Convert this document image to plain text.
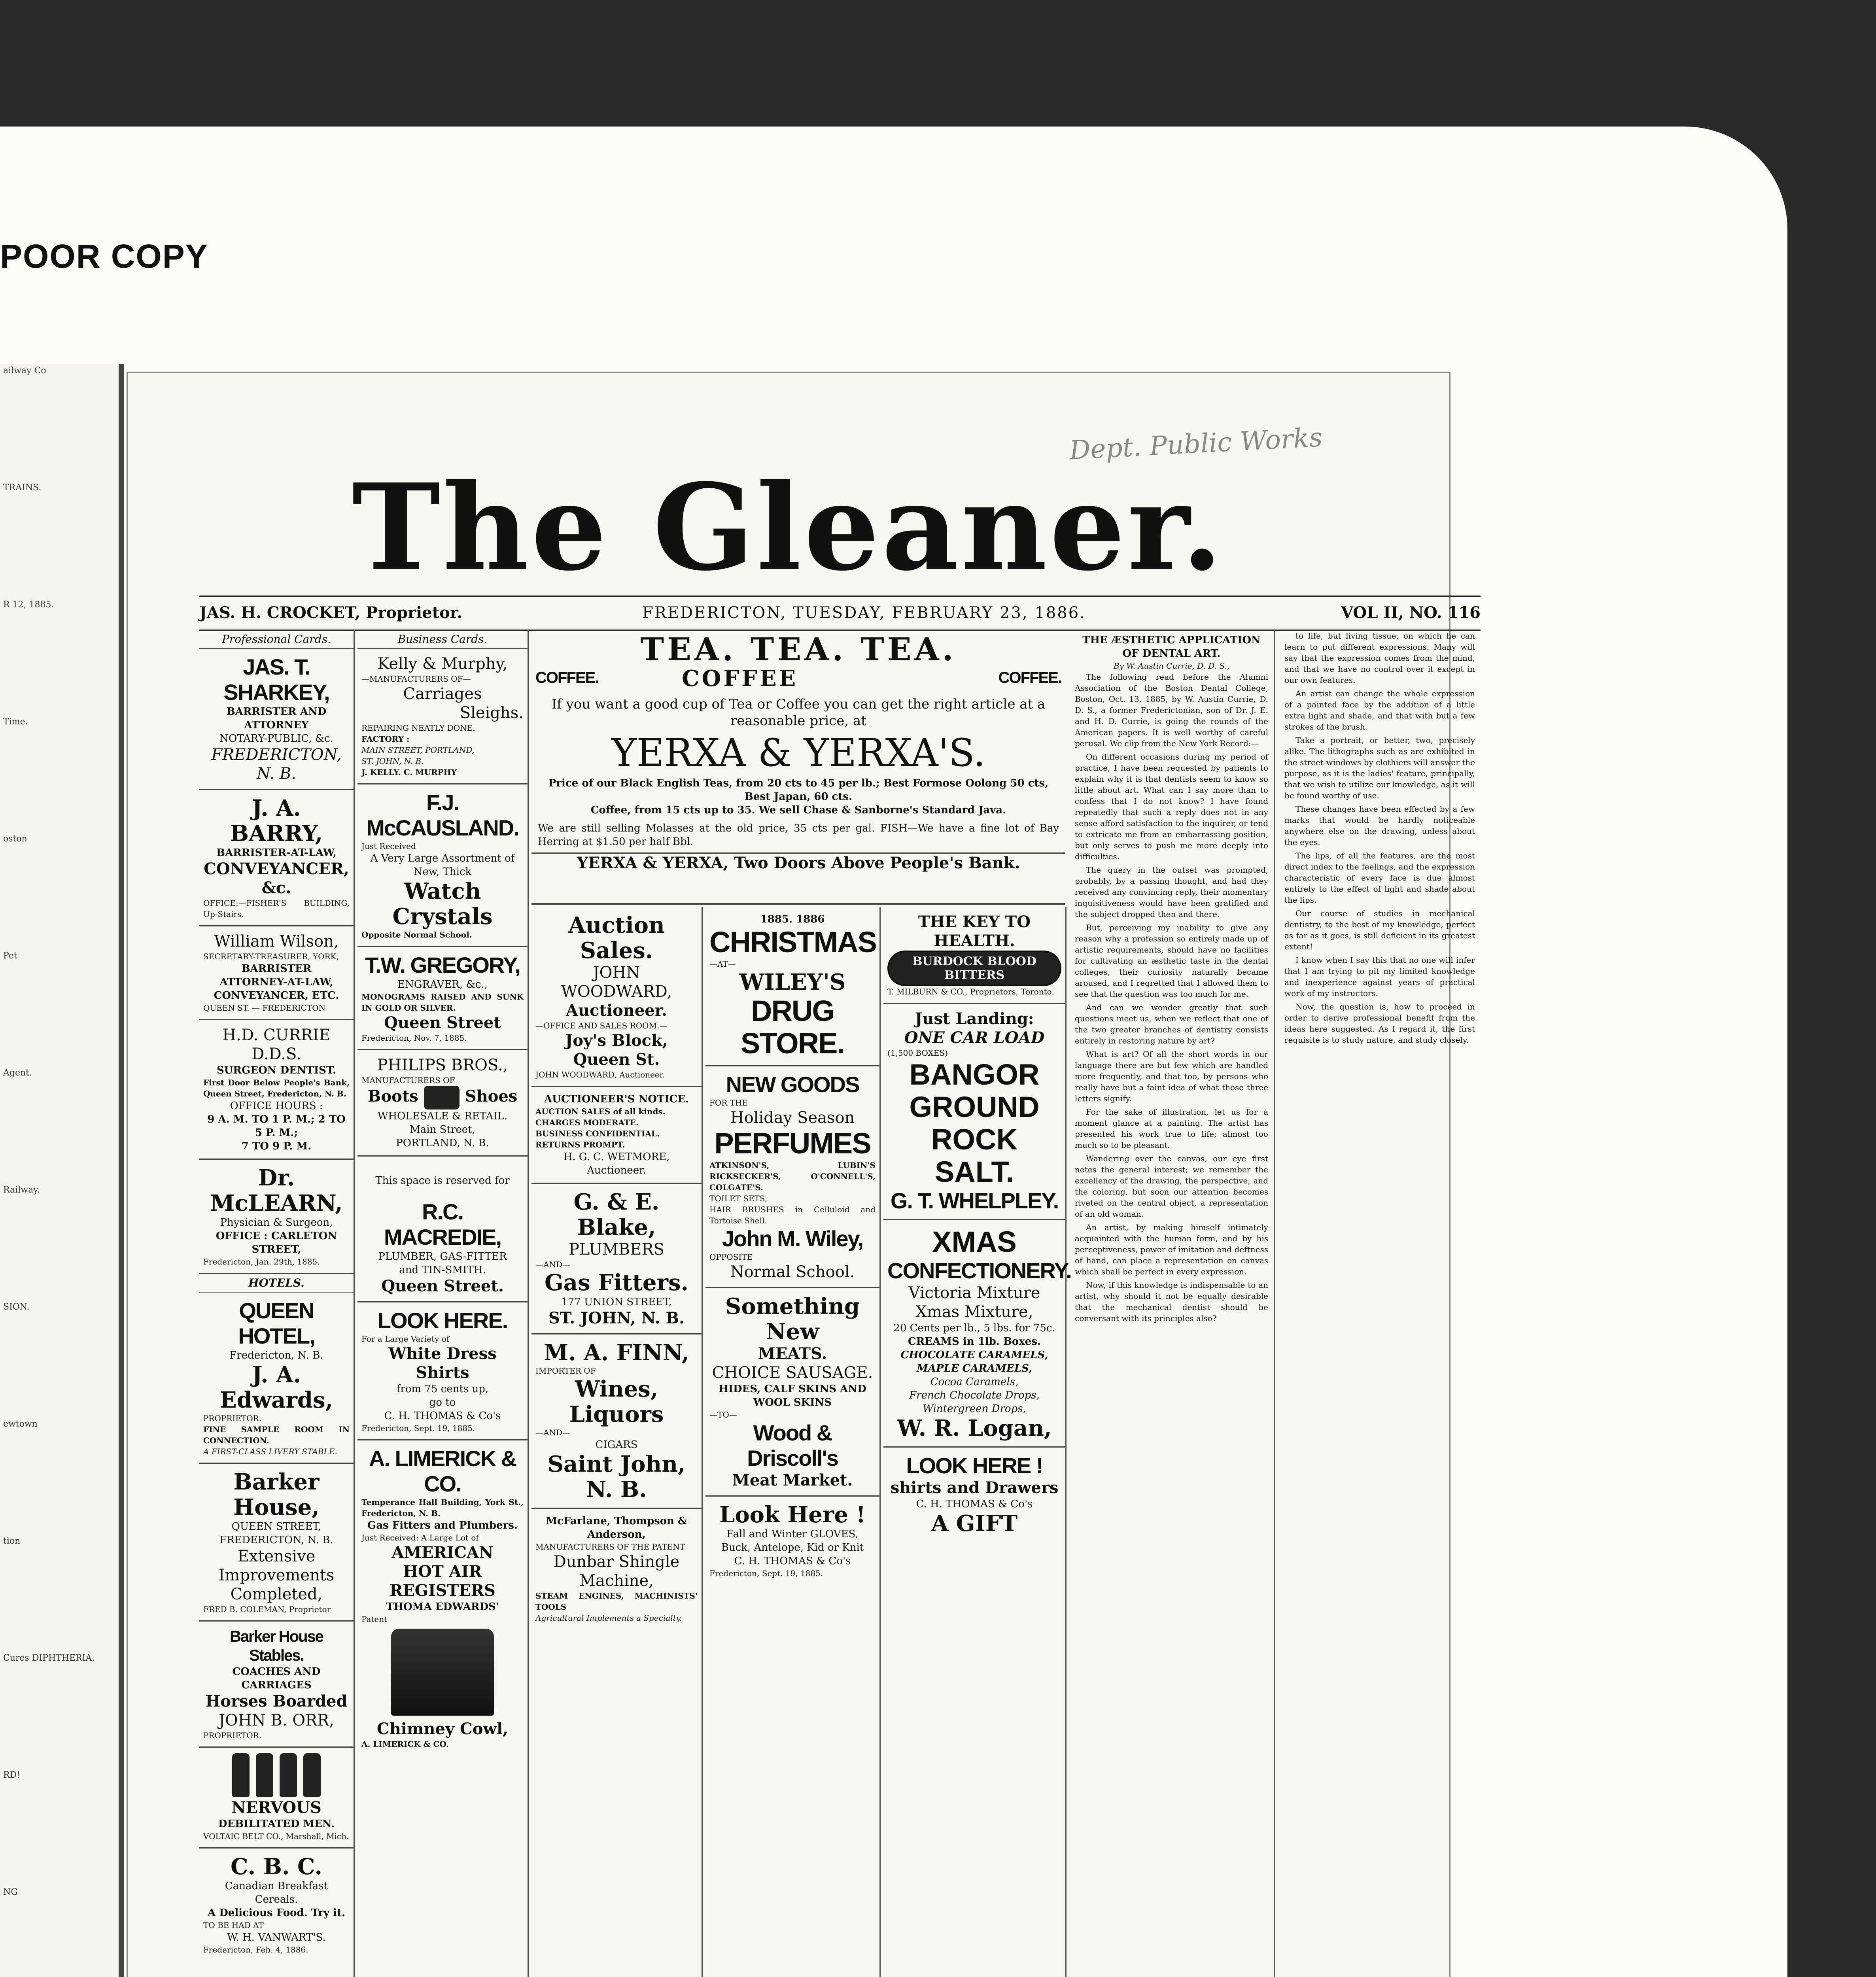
POOR COPY
ailway Co
TRAINS.
R 12, 1885.
Time.
oston
Pet
Agent.
Railway.
SION.
ewtown
tion
Cures DIPHTHERIA.
RD!
NG
Dept. Public Works
The Gleaner.
JAS. H. CROCKET, Proprietor.	FREDERICTON, TUESDAY, FEBRUARY 23, 1886.	VOL II, NO. 116
Professional Cards.
JAS. T. SHARKEY,
BARRISTER AND ATTORNEY
NOTARY-PUBLIC, &c.
FREDERICTON, N. B.
J. A. BARRY,
BARRISTER-AT-LAW,
CONVEYANCER, &c.
OFFICE:—FISHER'S BUILDING, Up-Stairs.
William Wilson,
SECRETARY-TREASURER, YORK,
BARRISTER
ATTORNEY-AT-LAW,
CONVEYANCER, ETC.
QUEEN ST. — FREDERICTON
H.D. CURRIE D.D.S.
SURGEON DENTIST.
First Door Below People's Bank, Queen Street, Fredericton, N. B.
OFFICE HOURS :
9 A. M. TO 1 P. M.; 2 TO 5 P. M.;
7 TO 9 P. M.
Dr. McLEARN,
Physician & Surgeon,
OFFICE : CARLETON STREET,
Fredericton, Jan. 29th, 1885.
HOTELS.
QUEEN HOTEL,
Fredericton, N. B.
J. A. Edwards,
PROPRIETOR.
FINE SAMPLE ROOM IN CONNECTION.
A FIRST-CLASS LIVERY STABLE.
Barker House,
QUEEN STREET,
FREDERICTON, N. B.
Extensive Improvements
Completed,
FRED B. COLEMAN, Proprietor
Barker House Stables.
COACHES AND CARRIAGES
Horses Boarded
JOHN B. ORR,
PROPRIETOR.
NERVOUS
DEBILITATED MEN.
VOLTAIC BELT CO., Marshall, Mich.
C. B. C.
Canadian Breakfast Cereals.
A Delicious Food. Try it.
TO BE HAD AT
W. H. VANWART'S.
Fredericton, Feb. 4, 1886.
Business Cards.
Kelly & Murphy,
—MANUFACTURERS OF—
Carriages
Sleighs.
REPAIRING NEATLY DONE.
FACTORY :
MAIN STREET, PORTLAND,
ST. JOHN, N. B.
J. KELLY. C. MURPHY
F.J. McCAUSLAND.
Just Received
A Very Large Assortment of
New, Thick
Watch Crystals
Opposite Normal School.
T.W. GREGORY,
ENGRAVER, &c.,
MONOGRAMS RAISED AND SUNK IN GOLD OR SILVER.
Queen Street
Fredericton, Nov. 7, 1885.
PHILIPS BROS.,
MANUFACTURERS OF
Boots	Shoes
WHOLESALE & RETAIL.
Main Street,
PORTLAND, N. B.
This space is reserved for
R.C. MACREDIE,
PLUMBER, GAS-FITTER
and TIN-SMITH.
Queen Street.
LOOK HERE.
For a Large Variety of
White Dress Shirts
from 75 cents up,
go to
C. H. THOMAS & Co's
Fredericton, Sept. 19, 1885.
A. LIMERICK & CO.
Temperance Hall Building, York St., Fredericton, N. B.
Gas Fitters and Plumbers.
Just Received: A Large Lot of
AMERICAN
HOT AIR REGISTERS
THOMA EDWARDS'
Patent
Chimney Cowl,
A. LIMERICK & CO.
TEA. TEA. TEA.
COFFEE.	COFFEE	COFFEE.
If you want a good cup of Tea or Coffee you can get the right article at a reasonable price, at
YERXA & YERXA'S.
Price of our Black English Teas, from 20 cts to 45 per lb.; Best Formose Oolong 50 cts, Best Japan, 60 cts.
Coffee, from 15 cts up to 35. We sell Chase & Sanborne's Standard Java.
We are still selling Molasses at the old price, 35 cts per gal. FISH—We have a fine lot of Bay Herring at $1.50 per half Bbl.
YERXA & YERXA, Two Doors Above People's Bank.
Auction Sales.
JOHN WOODWARD,
Auctioneer.
—OFFICE AND SALES ROOM.—
Joy's Block, Queen St.
JOHN WOODWARD, Auctioneer.
AUCTIONEER'S NOTICE.
AUCTION SALES of all kinds.
CHARGES MODERATE.
BUSINESS CONFIDENTIAL.
RETURNS PROMPT.
H. G. C. WETMORE, Auctioneer.
G. & E. Blake,
PLUMBERS
—AND—
Gas Fitters.
177 UNION STREET,
ST. JOHN, N. B.
M. A. FINN,
IMPORTER OF
Wines, Liquors
—AND—
CIGARS
Saint John, N. B.
McFarlane, Thompson & Anderson,
MANUFACTURERS OF THE PATENT
Dunbar Shingle Machine,
STEAM ENGINES, MACHINISTS' TOOLS
Agricultural Implements a Specialty.
1885. 1886
CHRISTMAS
—AT—
WILEY'S
DRUG STORE.
NEW GOODS
FOR THE
Holiday Season
PERFUMES
ATKINSON'S, LUBIN'S RICKSECKER'S, O'CONNELL'S, COLGATE'S.
TOILET SETS,
HAIR BRUSHES in Celluloid and Tortoise Shell.
John M. Wiley,
OPPOSITE
Normal School.
Something New
MEATS.
CHOICE SAUSAGE.
HIDES, CALF SKINS AND WOOL SKINS
—TO—
Wood & Driscoll's
Meat Market.
Look Here !
Fall and Winter GLOVES,
Buck, Antelope, Kid or Knit
C. H. THOMAS & Co's
Fredericton, Sept. 19, 1885.
THE KEY TO HEALTH.
BURDOCK BLOOD BITTERS
T. MILBURN & CO., Proprietors, Toronto.
Just Landing:
ONE CAR LOAD
(1,500 BOXES)
BANGOR
GROUND
ROCK
SALT.
G. T. WHELPLEY.
XMAS
CONFECTIONERY.
Victoria Mixture
Xmas Mixture,
20 Cents per lb., 5 lbs. for 75c.
CREAMS in 1lb. Boxes.
CHOCOLATE CARAMELS,
MAPLE CARAMELS,
Cocoa Caramels,
French Chocolate Drops,
Wintergreen Drops,
W. R. Logan,
LOOK HERE !
shirts and Drawers
C. H. THOMAS & Co's
A GIFT
THE ÆSTHETIC APPLICATION OF DENTAL ART.
By W. Austin Currie, D. D. S.,

The following read before the Alumni Association of the Boston Dental College, Boston, Oct. 13, 1885, by W. Austin Currie, D. D. S., a former Frederictonian, son of Dr. J. E. and H. D. Currie, is going the rounds of the American papers. It is well worthy of careful perusal. We clip from the New York Record:—

On different occasions during my period of practice, I have been requested by patients to explain why it is that dentists seem to know so little about art. What can I say more than to confess that I do not know? I have found repeatedly that such a reply does not in any sense afford satisfaction to the inquirer, or tend to extricate me from an embarrassing position, but only serves to push me more deeply into difficulties.

The query in the outset was prompted, probably, by a passing thought, and had they received any convincing reply, their momentary inquisitiveness would have been gratified and the subject dropped then and there.

But, perceiving my inability to give any reason why a profession so entirely made up of artistic requirements, should have no facilities for cultivating an æsthetic taste in the dental colleges, their curiosity naturally became aroused, and I regretted that I allowed them to see that the question was too much for me.

And can we wonder greatly that such questions meet us, when we reflect that one of the two greater branches of dentistry consists entirely in restoring nature by art?

What is art? Of all the short words in our language there are but few which are handled more frequently, and that too, by persons who really have but a faint idea of what those three letters signify.

For the sake of illustration, let us for a moment glance at a painting. The artist has presented his work true to life; almost too much so to be pleasant.

Wandering over the canvas, our eye first notes the general interest; we remember the excellency of the drawing, the perspective, and the coloring, but soon our attention becomes riveted on the central object, a representation of an old woman.

An artist, by making himself intimately acquainted with the human form, and by his perceptiveness, power of imitation and deftness of hand, can place a representation on canvas which shall be perfect in every expression.

Now, if this knowledge is indispensable to an artist, why should it not be equally desirable that the mechanical dentist should be conversant with its principles also?

to life, but living tissue, on which he can learn to put different expressions. Many will say that the expression comes from the mind, and that we have no control over it except in our own features.

An artist can change the whole expression of a painted face by the addition of a little extra light and shade, and that with but a few strokes of the brush.

Take a portrait, or better, two, precisely alike. The lithographs such as are exhibited in the street-windows by clothiers will answer the purpose, as it is the ladies' feature, principally, that we wish to utilize our knowledge, as it will be found worthy of use.

These changes have been effected by a few marks that would be hardly noticeable anywhere else on the drawing, unless about the eyes.

The lips, of all the features, are the most direct index to the feelings, and the expression characteristic of every face is due almost entirely to the effect of light and shade about the lips.

Our course of studies in mechanical dentistry, to the best of my knowledge, perfect as far as it goes, is still deficient in its greatest extent!

I know when I say this that no one will infer that I am trying to pit my limited knowledge and inexperience against years of practical work of my instructors.

Now, the question is, how to proceed in order to derive professional benefit from the ideas here suggested. As I regard it, the first requisite is to study nature, and study closely.
